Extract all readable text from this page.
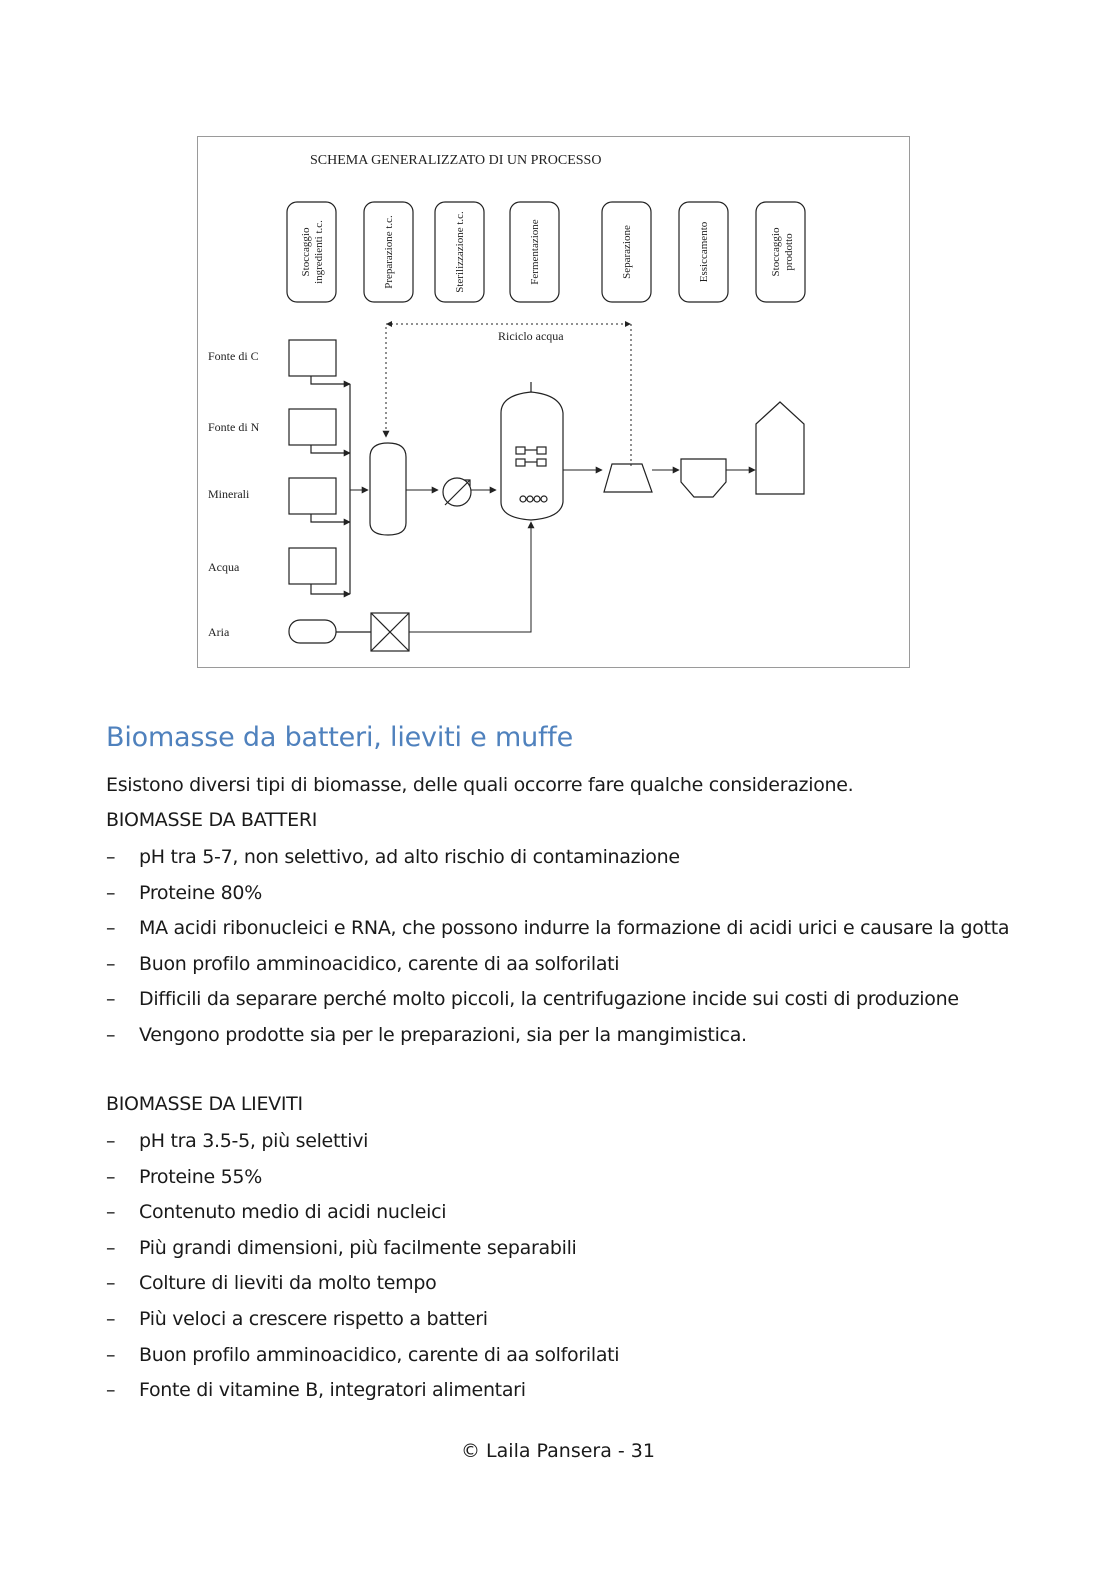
SCHEMA GENERALIZZATO DI UN PROCESSO
Stoccaggioingredienti t.c.	Preparazione t.c.	Sterilizzazione t.c.	Fermentazione	Separazione	Essiccamento	Stoccaggioprodotto
Riciclo acqua
Fonte di C
Fonte di N
Minerali
Acqua
Aria
Biomasse da batteri, lieviti e muffe

Esistono diversi tipi di biomasse, delle quali occorre fare qualche considerazione.

BIOMASSE DA BATTERI

– pH tra 5-7, non selettivo, ad alto rischio di contaminazione
– Proteine 80%
– MA acidi ribonucleici e RNA, che possono indurre la formazione di acidi urici e causare la gotta
– Buon profilo amminoacidico, carente di aa solforilati
– Difficili da separare perché molto piccoli, la centrifugazione incide sui costi di produzione
– Vengono prodotte sia per le preparazioni, sia per la mangimistica.

BIOMASSE DA LIEVITI

– pH tra 3.5-5, più selettivi
– Proteine 55%
– Contenuto medio di acidi nucleici
– Più grandi dimensioni, più facilmente separabili
– Colture di lieviti da molto tempo
– Più veloci a crescere rispetto a batteri
– Buon profilo amminoacidico, carente di aa solforilati
– Fonte di vitamine B, integratori alimentari
© Laila Pansera - 31
